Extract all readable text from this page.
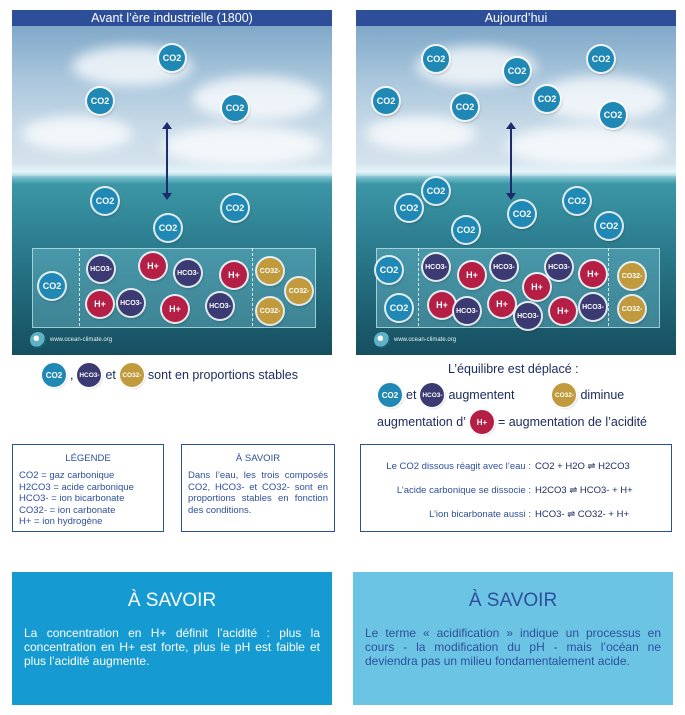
Avant l’ère industrielle (1800)
CO2
CO2
CO2
CO2
CO2
CO2
CO2
HCO3-	H+
HCO3-	H+
H+	HCO3-
H+	HCO3-
CO32-
CO32-
CO32-
www.ocean-climate.org
Aujourd’hui
CO2
CO2
CO2
CO2
CO2
CO2
CO2
CO2
CO2
CO2
CO2
CO2	CO2
CO2
CO2
HCO3-
H+
HCO3-	HCO3-
H+
H+
H+
HCO3-
H+
HCO3-	H+	HCO3-
CO32-
CO32-
www.ocean-climate.org
CO2 , HCO3- et CO32- sont en proportions stables	L’équilibre est déplacé :
CO2 et HCO3- augmentent	CO32- diminue
augmentation d’	H+ = augmentation de l’acidité
LÉGENDE
CO2 = gaz carbonique
H2CO3 = acide carbonique
HCO3- = ion bicarbonate
CO32- = ion carbonate
H+ = ion hydrogène
À SAVOIR
Dans l’eau, les trois composés CO2, HCO3- et CO32- sont en proportions stables en fonction des conditions.
Le CO2 dissous réagit avec l’eau : CO2 + H2O ⇌ H2CO3
L’acide carbonique se dissocie : H2CO3 ⇌ HCO3- + H+
L’ion bicarbonate aussi : HCO3- ⇌ CO32- + H+
À SAVOIR
La concentration en H+ définit l’acidité : plus la concentration en H+ est forte, plus le pH est faible et plus l’acidité augmente.
À SAVOIR
Le terme « acidification » indique un processus en cours - la modification du pH - mais l’océan ne deviendra pas un milieu fondamentalement acide.
